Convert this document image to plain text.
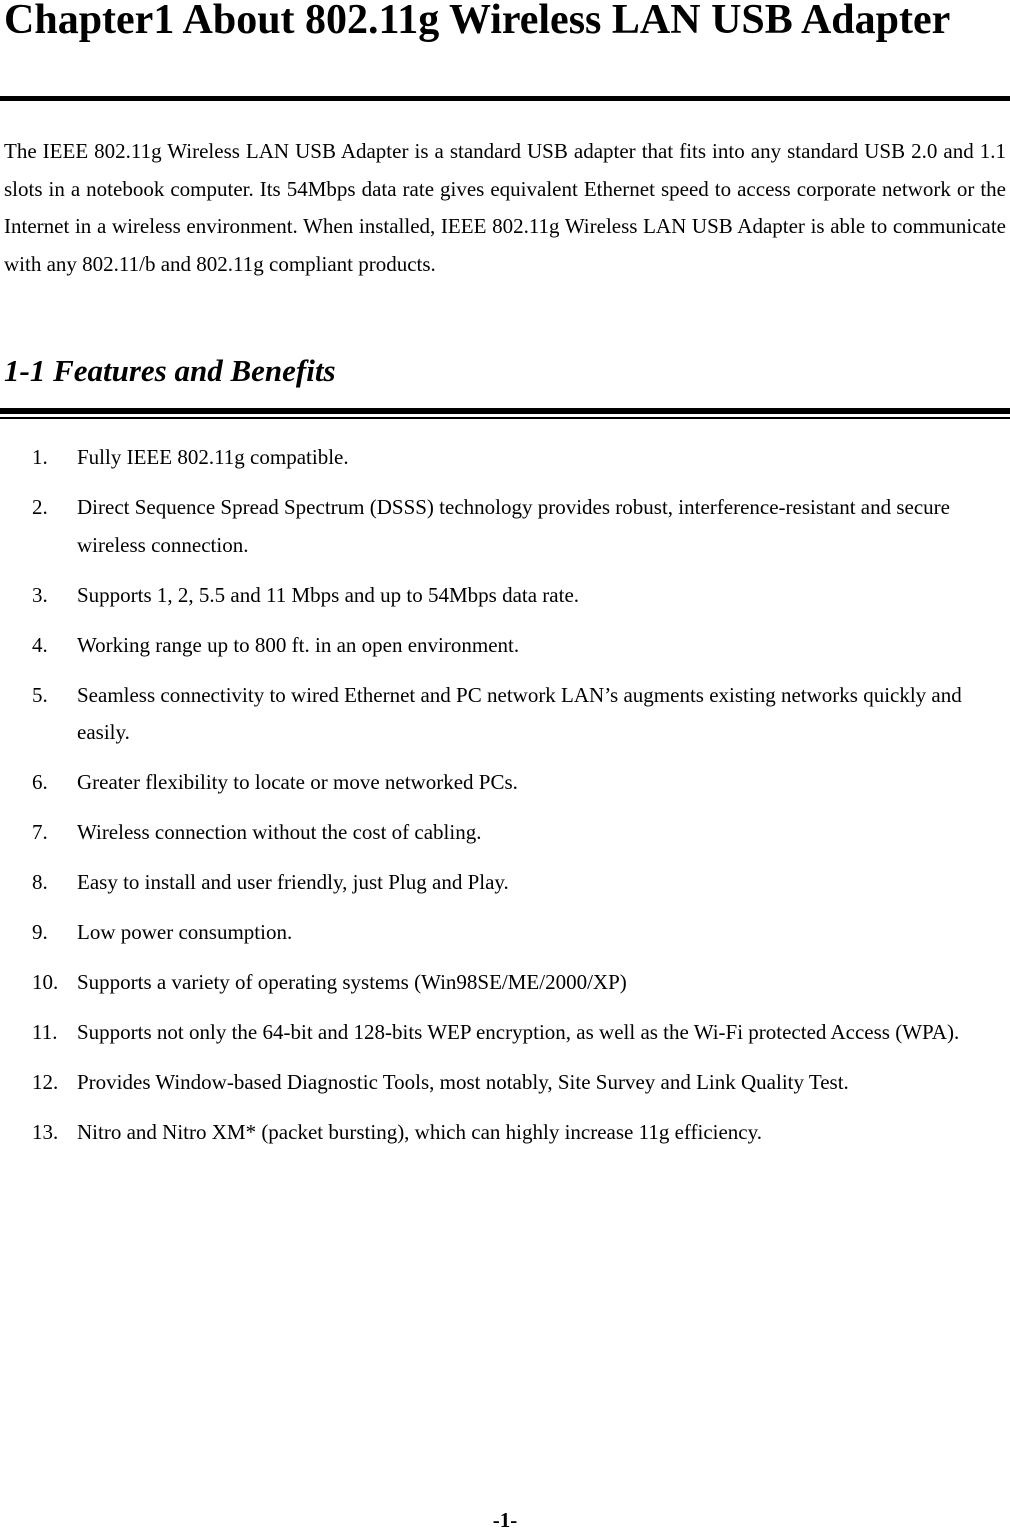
Chapter1 About 802.11g Wireless LAN USB Adapter

The IEEE 802.11g Wireless LAN USB Adapter is a standard USB adapter that fits into any standard USB 2.0 and 1.1 slots in a notebook computer. Its 54Mbps data rate gives equivalent Ethernet speed to access corporate network or the Internet in a wireless environment. When installed, IEEE 802.11g Wireless LAN USB Adapter is able to communicate with any 802.11/b and 802.11g compliant products.

1-1 Features and Benefits
1. Fully IEEE 802.11g compatible.
2. Direct Sequence Spread Spectrum (DSSS) technology provides robust, interference-resistant and secure wireless connection.
3. Supports 1, 2, 5.5 and 11 Mbps and up to 54Mbps data rate.
4. Working range up to 800 ft. in an open environment.
5. Seamless connectivity to wired Ethernet and PC network LAN’s augments existing networks quickly and easily.
6. Greater flexibility to locate or move networked PCs.
7. Wireless connection without the cost of cabling.
8. Easy to install and user friendly, just Plug and Play.
9. Low power consumption.
10. Supports a variety of operating systems (Win98SE/ME/2000/XP)
11. Supports not only the 64-bit and 128-bits WEP encryption, as well as the Wi-Fi protected Access (WPA).
12. Provides Window-based Diagnostic Tools, most notably, Site Survey and Link Quality Test.
13. Nitro and Nitro XM* (packet bursting), which can highly increase 11g efficiency.
-1-
